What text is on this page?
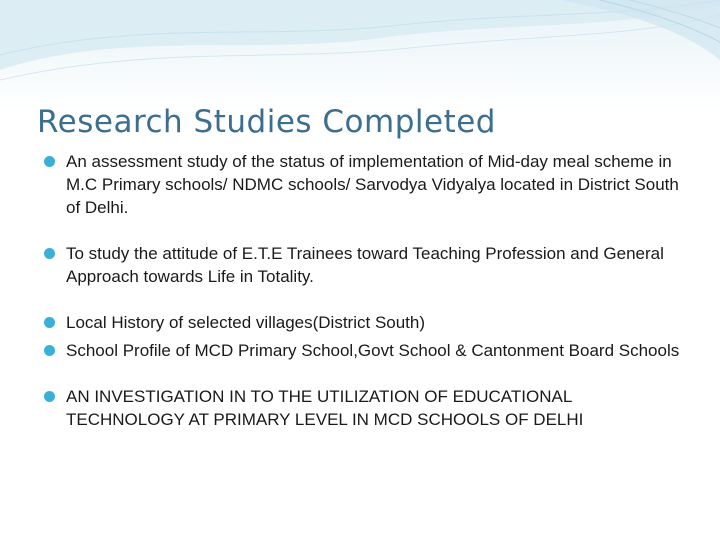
Research Studies Completed
An assessment study of the status of implementation of Mid-day meal scheme in M.C Primary schools/ NDMC schools/ Sarvodya Vidyalya located in District South of Delhi.
To study the attitude of E.T.E Trainees toward Teaching Profession and General Approach towards Life in Totality.
Local History of selected villages(District South)
School Profile of MCD Primary School,Govt School & Cantonment Board Schools
AN INVESTIGATION IN TO THE UTILIZATION OF EDUCATIONAL TECHNOLOGY AT PRIMARY LEVEL IN MCD SCHOOLS OF DELHI
